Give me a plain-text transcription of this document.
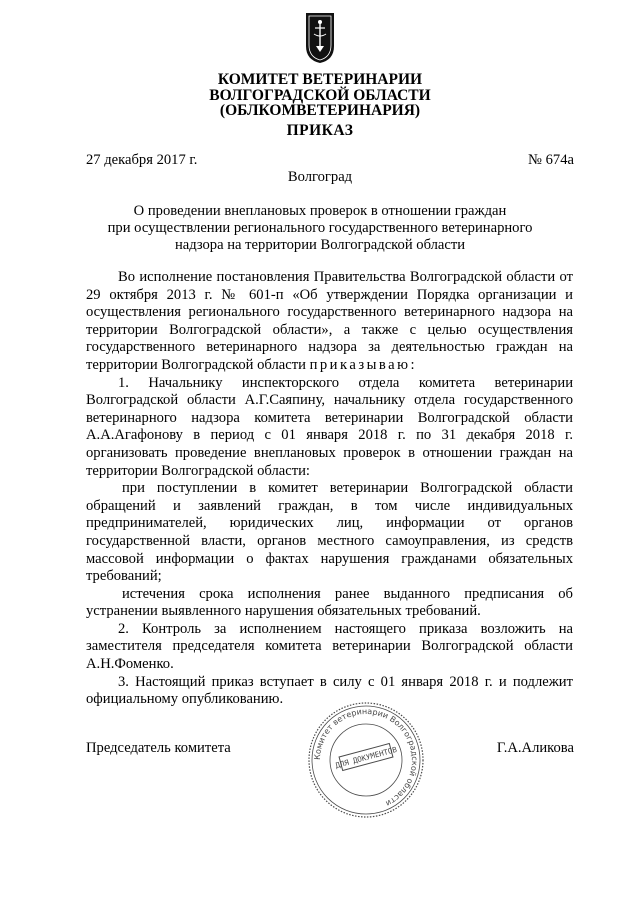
КОМИТЕТ ВЕТЕРИНАРИИ
ВОЛГОГРАДСКОЙ ОБЛАСТИ
(ОБЛКОМВЕТЕРИНАРИЯ)
ПРИКАЗ
27 декабря 2017 г.	№ 674а
Волгоград
О проведении внеплановых проверок в отношении граждан
при осуществлении регионального государственного ветеринарного
надзора на территории Волгоградской области

Во исполнение постановления Правительства Волгоградской области от 29 октября 2013 г. № 601-п «Об утверждении Порядка организации и осуществления регионального государственного ветеринарного надзора на территории Волгоградской области», а также с целью осуществления государственного ветеринарного надзора за деятельностью граждан на территории Волгоградской области приказываю:

1. Начальнику инспекторского отдела комитета ветеринарии Волгоградской области А.Г.Саяпину, начальнику отдела государственного ветеринарного надзора комитета ветеринарии Волгоградской области А.А.Агафонову в период с 01 января 2018 г. по 31 декабря 2018 г. организовать проведение внеплановых проверок в отношении граждан на территории Волгоградской области:

при поступлении в комитет ветеринарии Волгоградской области обращений и заявлений граждан, в том числе индивидуальных предпринимателей, юридических лиц, информации от органов государственной власти, органов местного самоуправления, из средств массовой информации о фактах нарушения гражданами обязательных требований;

истечения срока исполнения ранее выданного предписания об устранении выявленного нарушения обязательных требований.

2. Контроль за исполнением настоящего приказа возложить на заместителя председателя комитета ветеринарии Волгоградской области А.Н.Фоменко.

3. Настоящий приказ вступает в силу с 01 января 2018 г. и подлежит официальному опубликованию.

Председатель комитета	Г.А.Аликова
Комитет ветеринарии Волгоградской области
ДЛЯ ДОКУМЕНТОВ
